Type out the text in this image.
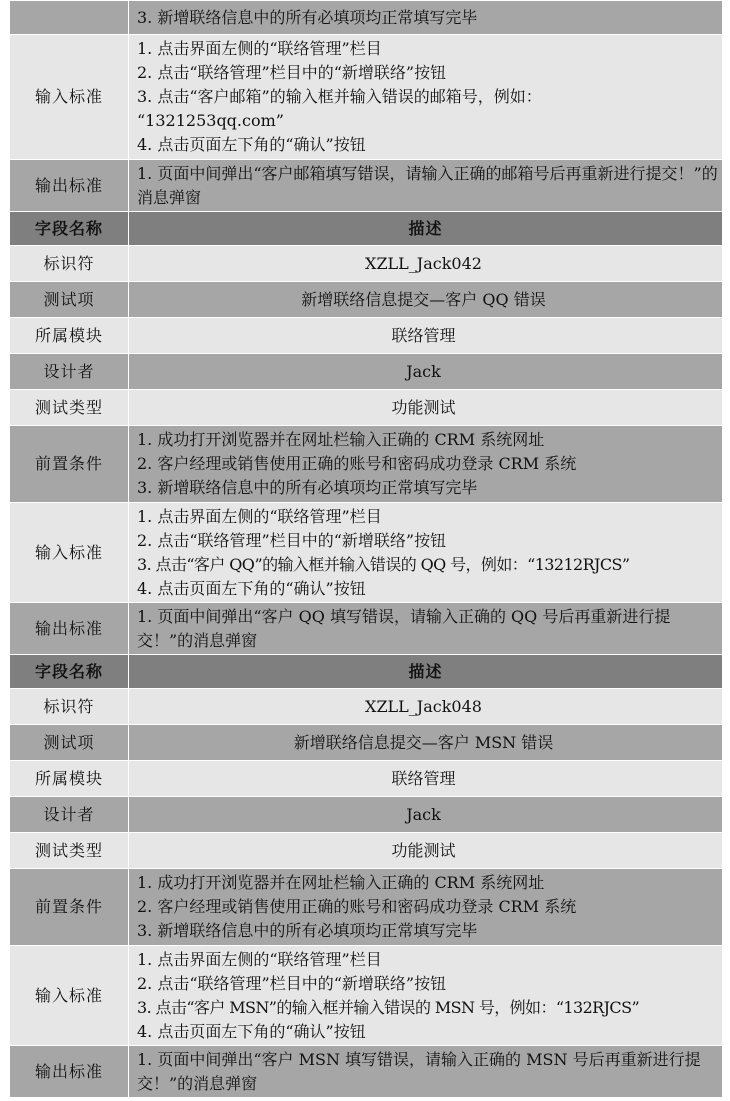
	3. 新增联络信息中的所有必填项均正常填写完毕

输入标准	1. 点击界面左侧的“联络管理”栏目
2. 点击“联络管理”栏目中的“新增联络”按钮
3. 点击“客户邮箱”的输入框并输入错误的邮箱号，例如：
“1321253qq.com”
4. 点击页面左下角的“确认”按钮

输出标准	1. 页面中间弹出“客户邮箱填写错误，请输入正确的邮箱号后再重新进行提交！”的消息弹窗

字段名称	描述
标识符	XZLL_Jack042
测试项	新增联络信息提交—客户 QQ 错误
所属模块	联络管理
设计者	Jack
测试类型	功能测试
前置条件	1. 成功打开浏览器并在网址栏输入正确的 CRM 系统网址
2. 客户经理或销售使用正确的账号和密码成功登录 CRM 系统
3. 新增联络信息中的所有必填项均正常填写完毕

输入标准	1. 点击界面左侧的“联络管理”栏目
2. 点击“联络管理”栏目中的“新增联络”按钮
3. 点击“客户 QQ”的输入框并输入错误的 QQ 号，例如：“13212RJCS”
4. 点击页面左下角的“确认”按钮

输出标准	1. 页面中间弹出“客户 QQ 填写错误，请输入正确的 QQ 号后再重新进行提交！”的消息弹窗

字段名称	描述
标识符	XZLL_Jack048
测试项	新增联络信息提交—客户 MSN 错误
所属模块	联络管理
设计者	Jack
测试类型	功能测试
前置条件	1. 成功打开浏览器并在网址栏输入正确的 CRM 系统网址
2. 客户经理或销售使用正确的账号和密码成功登录 CRM 系统
3. 新增联络信息中的所有必填项均正常填写完毕

输入标准	1. 点击界面左侧的“联络管理”栏目
2. 点击“联络管理”栏目中的“新增联络”按钮
3. 点击“客户 MSN”的输入框并输入错误的 MSN 号，例如：“132RJCS”
4. 点击页面左下角的“确认”按钮

输出标准	1. 页面中间弹出“客户 MSN 填写错误，请输入正确的 MSN 号后再重新进行提交！”的消息弹窗
